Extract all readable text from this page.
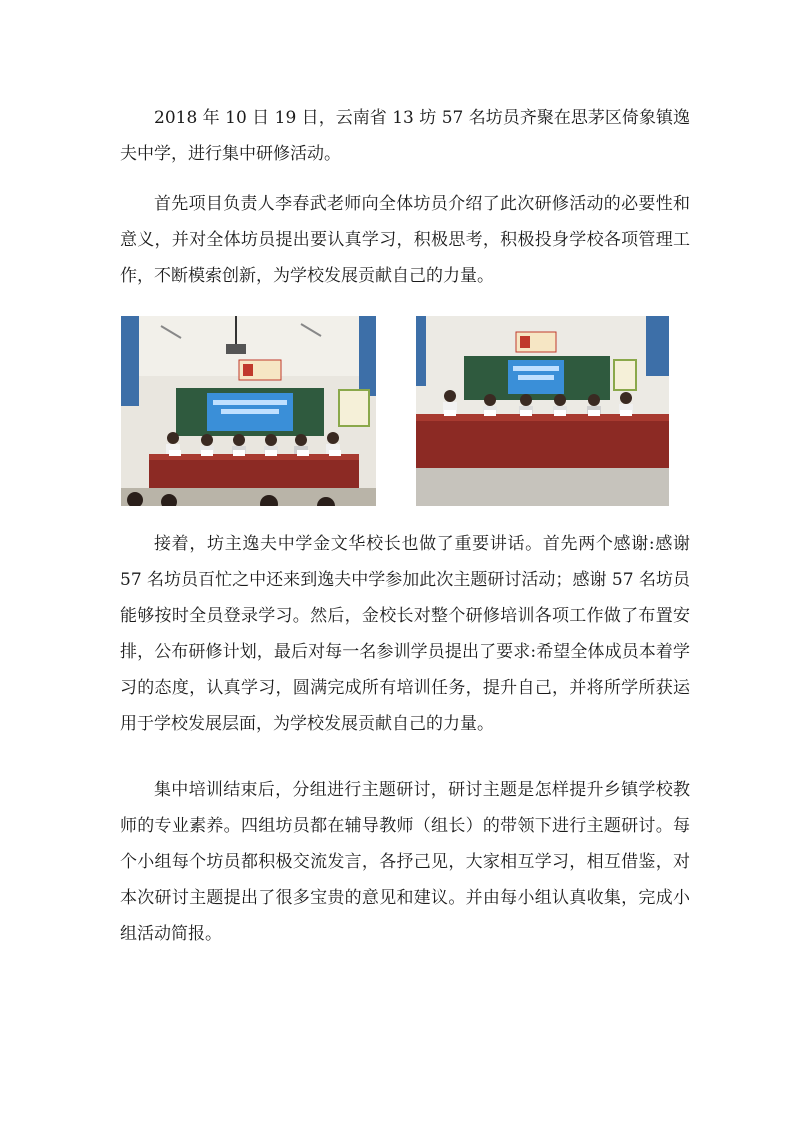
2018 年 10 日 19 日，云南省 13 坊 57 名坊员齐聚在思茅区倚象镇逸夫中学，进行集中研修活动。

首先项目负责人李春武老师向全体坊员介绍了此次研修活动的必要性和意义，并对全体坊员提出要认真学习，积极思考，积极投身学校各项管理工作，不断模索创新，为学校发展贡献自己的力量。

接着，坊主逸夫中学金文华校长也做了重要讲话。首先两个感谢:感谢 57 名坊员百忙之中还来到逸夫中学参加此次主题研讨活动；感谢 57 名坊员能够按时全员登录学习。然后，金校长对整个研修培训各项工作做了布置安排，公布研修计划，最后对每一名参训学员提出了要求:希望全体成员本着学习的态度，认真学习，圆满完成所有培训任务，提升自己，并将所学所获运用于学校发展层面，为学校发展贡献自己的力量。

集中培训结束后，分组进行主题研讨，研讨主题是怎样提升乡镇学校教师的专业素养。四组坊员都在辅导教师（组长）的带领下进行主题研讨。每个小组每个坊员都积极交流发言，各抒己见，大家相互学习，相互借鉴，对本次研讨主题提出了很多宝贵的意见和建议。并由每小组认真收集，完成小组活动简报。
